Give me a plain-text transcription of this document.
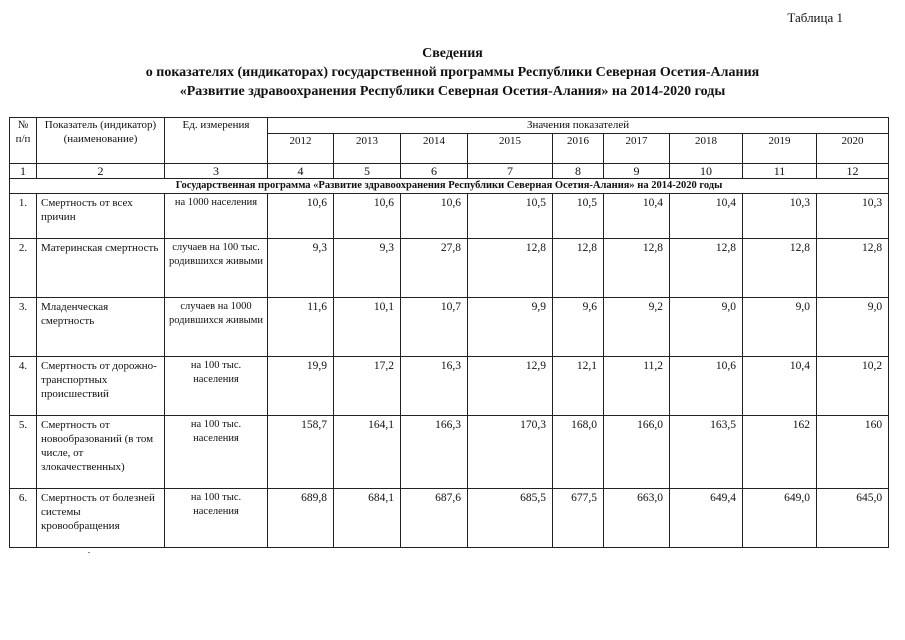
Таблица 1
Сведения
о показателях (индикаторах) государственной программы Республики Северная Осетия-Алания
«Развитие здравоохранения Республики Северная Осетия-Алания» на 2014-2020 годы
№ п/п	Показатель (индикатор) (наименование)	Ед. измерения	Значения показателей								
			2012	2013	2014	2015	2016	2017	2018	2019	2020
1	2	3	4	5	6	7	8	9	10	11	12
Государственная программа «Развитие здравоохранения Республики Северная Осетия-Алания» на 2014-2020 годы											
1.	Смертность от всех причин	на 1000 населения	10,6	10,6	10,6	10,5	10,5	10,4	10,4	10,3	10,3
2.	Материнская смертность	случаев на 100 тыс. родившихся живыми	9,3	9,3	27,8	12,8	12,8	12,8	12,8	12,8	12,8
3.	Младенческая смертность	случаев на 1000 родившихся живыми	11,6	10,1	10,7	9,9	9,6	9,2	9,0	9,0	9,0
4.	Смертность от дорожно-транспортных происшествий	на 100 тыс. населения	19,9	17,2	16,3	12,9	12,1	11,2	10,6	10,4	10,2
5.	Смертность от новообразований (в том числе, от злокачественных)	на 100 тыс. населения	158,7	164,1	166,3	170,3	168,0	166,0	163,5	162	160
6.	Смертность от болезней системы кровообращения	на 100 тыс. населения	689,8	684,1	687,6	685,5	677,5	663,0	649,4	649,0	645,0
